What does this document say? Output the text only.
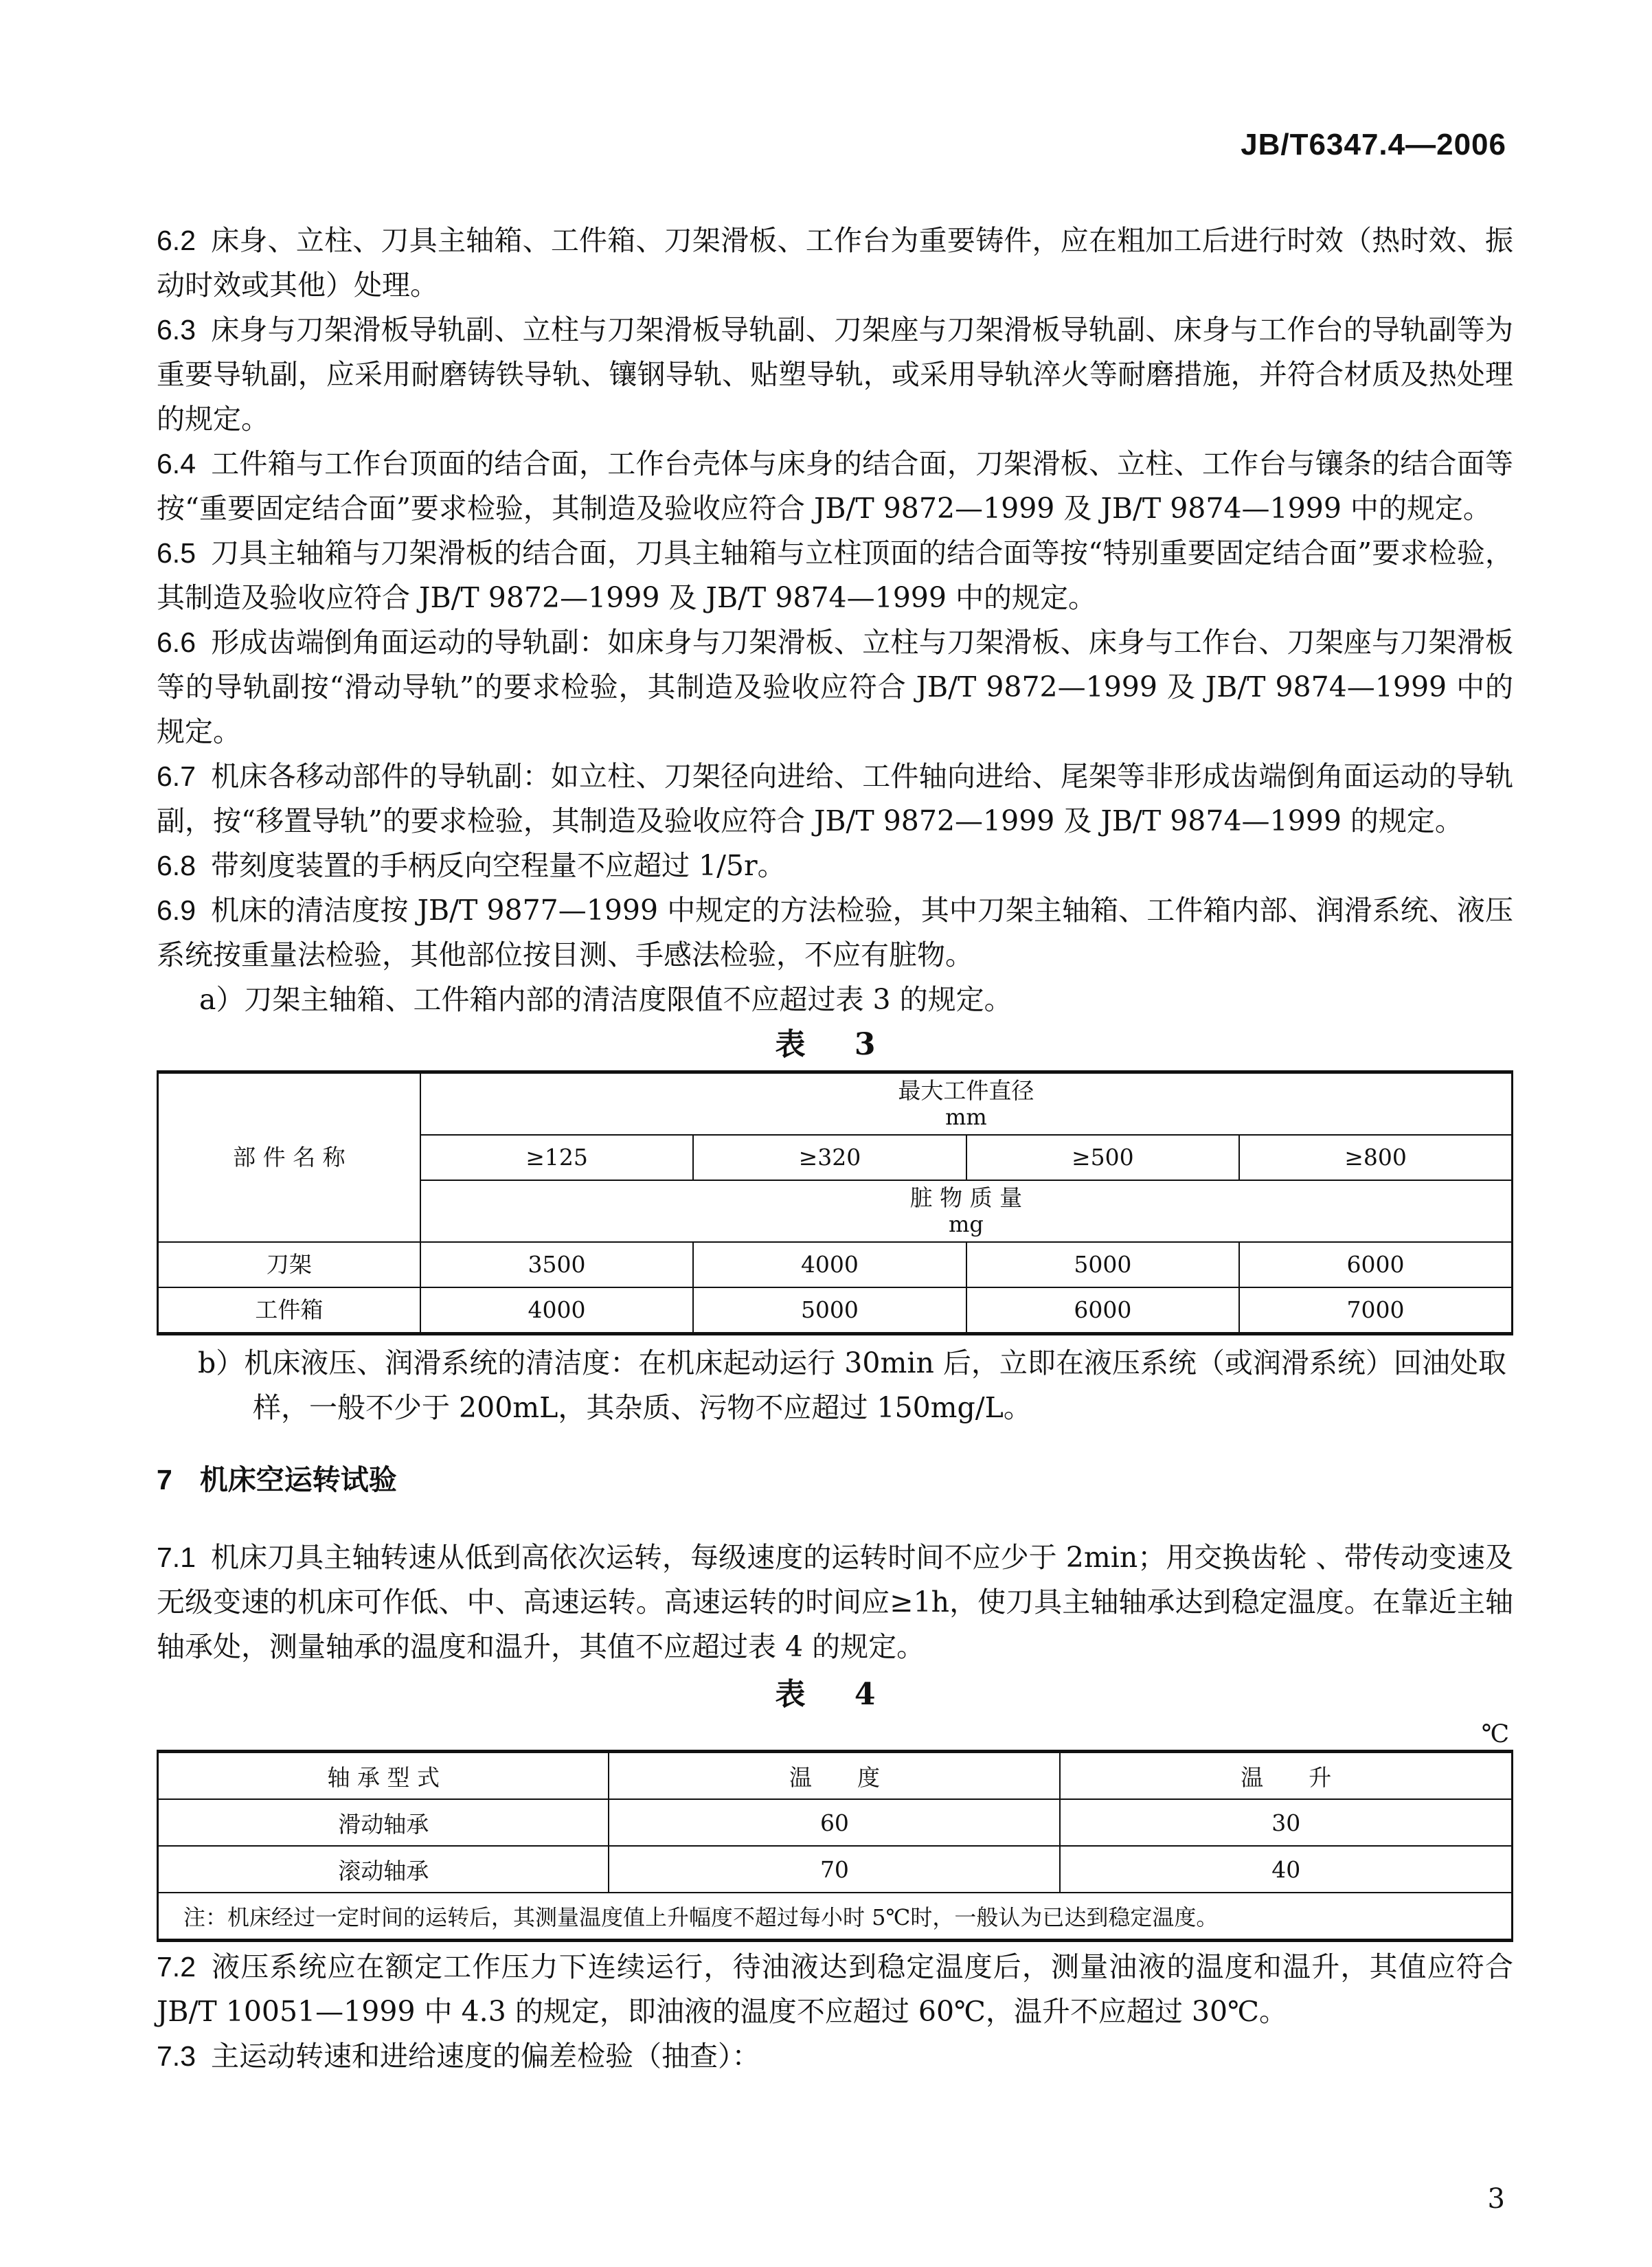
JB/T6347.4—2006

6.2 床身、立柱、刀具主轴箱、工件箱、刀架滑板、工作台为重要铸件，应在粗加工后进行时效（热时效、振动时效或其他）处理。

6.3 床身与刀架滑板导轨副、立柱与刀架滑板导轨副、刀架座与刀架滑板导轨副、床身与工作台的导轨副等为重要导轨副，应采用耐磨铸铁导轨、镶钢导轨、贴塑导轨，或采用导轨淬火等耐磨措施，并符合材质及热处理的规定。

6.4 工件箱与工作台顶面的结合面，工作台壳体与床身的结合面，刀架滑板、立柱、工作台与镶条的结合面等按“重要固定结合面”要求检验，其制造及验收应符合 JB/T 9872—1999 及 JB/T 9874—1999 中的规定。

6.5 刀具主轴箱与刀架滑板的结合面，刀具主轴箱与立柱顶面的结合面等按“特别重要固定结合面”要求检验，其制造及验收应符合 JB/T 9872—1999 及 JB/T 9874—1999 中的规定。

6.6 形成齿端倒角面运动的导轨副：如床身与刀架滑板、立柱与刀架滑板、床身与工作台、刀架座与刀架滑板等的导轨副按“滑动导轨”的要求检验，其制造及验收应符合 JB/T 9872—1999 及 JB/T 9874—1999 中的规定。

6.7 机床各移动部件的导轨副：如立柱、刀架径向进给、工件轴向进给、尾架等非形成齿端倒角面运动的导轨副，按“移置导轨”的要求检验，其制造及验收应符合 JB/T 9872—1999 及 JB/T 9874—1999 的规定。

6.8 带刻度装置的手柄反向空程量不应超过 1/5r。

6.9 机床的清洁度按 JB/T 9877—1999 中规定的方法检验，其中刀架主轴箱、工件箱内部、润滑系统、液压系统按重量法检验，其他部位按目测、手感法检验，不应有脏物。

a）刀架主轴箱、工件箱内部的清洁度限值不应超过表 3 的规定。

表 3
部 件 名 称	最大工件直径
mm			

	≥125	≥320	≥500	≥800
	脏 物 质 量
mg			

刀架	3500	4000	5000	6000
工件箱	4000	5000	6000	7000

b）机床液压、润滑系统的清洁度：在机床起动运行 30min 后，立即在液压系统（或润滑系统）回油处取样，一般不少于 200mL，其杂质、污物不应超过 150mg/L。

7 机床空运转试验

7.1 机床刀具主轴转速从低到高依次运转，每级速度的运转时间不应少于 2min；用交换齿轮 、带传动变速及无级变速的机床可作低、中、高速运转。高速运转的时间应≥1h，使刀具主轴轴承达到稳定温度。在靠近主轴轴承处，测量轴承的温度和温升，其值不应超过表 4 的规定。

表 4
℃
轴 承 型 式	温　　度	温　　升
滑动轴承	60	30
滚动轴承	70	40
注：机床经过一定时间的运转后，其测量温度值上升幅度不超过每小时 5℃时，一般认为已达到稳定温度。		

7.2 液压系统应在额定工作压力下连续运行，待油液达到稳定温度后，测量油液的温度和温升，其值应符合 JB/T 10051—1999 中 4.3 的规定，即油液的温度不应超过 60℃，温升不应超过 30℃。

7.3 主运动转速和进给速度的偏差检验（抽查）：

3
